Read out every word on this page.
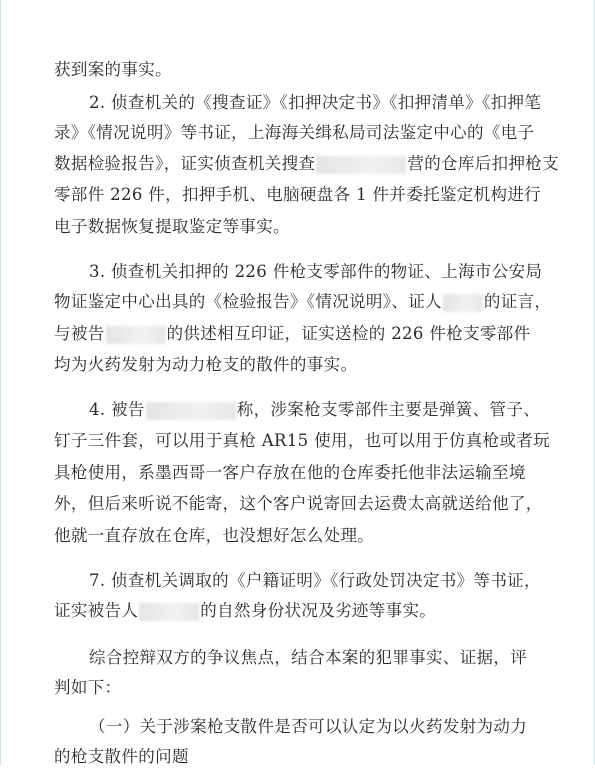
获到案的事实。
2. 侦查机关的《搜查证》《扣押决定书》《扣押清单》《扣押笔
录》《情况说明》等书证，上海海关缉私局司法鉴定中心的《电子
数据检验报告》，证实侦查机关搜查	营的仓库后扣押枪支
零部件 226 件，扣押手机、电脑硬盘各 1 件并委托鉴定机构进行
电子数据恢复提取鉴定等事实。
3. 侦查机关扣押的 226 件枪支零部件的物证、上海市公安局
物证鉴定中心出具的《检验报告》《情况说明》、证人	的证言，
与被告	的供述相互印证，证实送检的 226 件枪支零部件
均为火药发射为动力枪支的散件的事实。
4. 被告	称，涉案枪支零部件主要是弹簧、管子、
钉子三件套，可以用于真枪 AR15 使用，也可以用于仿真枪或者玩
具枪使用，系墨西哥一客户存放在他的仓库委托他非法运输至境
外，但后来听说不能寄，这个客户说寄回去运费太高就送给他了，
他就一直存放在仓库，也没想好怎么处理。
7. 侦查机关调取的《户籍证明》《行政处罚决定书》等书证，
证实被告人	的自然身份状况及劣迹等事实。
综合控辩双方的争议焦点，结合本案的犯罪事实、证据，评
判如下：
（一）关于涉案枪支散件是否可以认定为以火药发射为动力
的枪支散件的问题
